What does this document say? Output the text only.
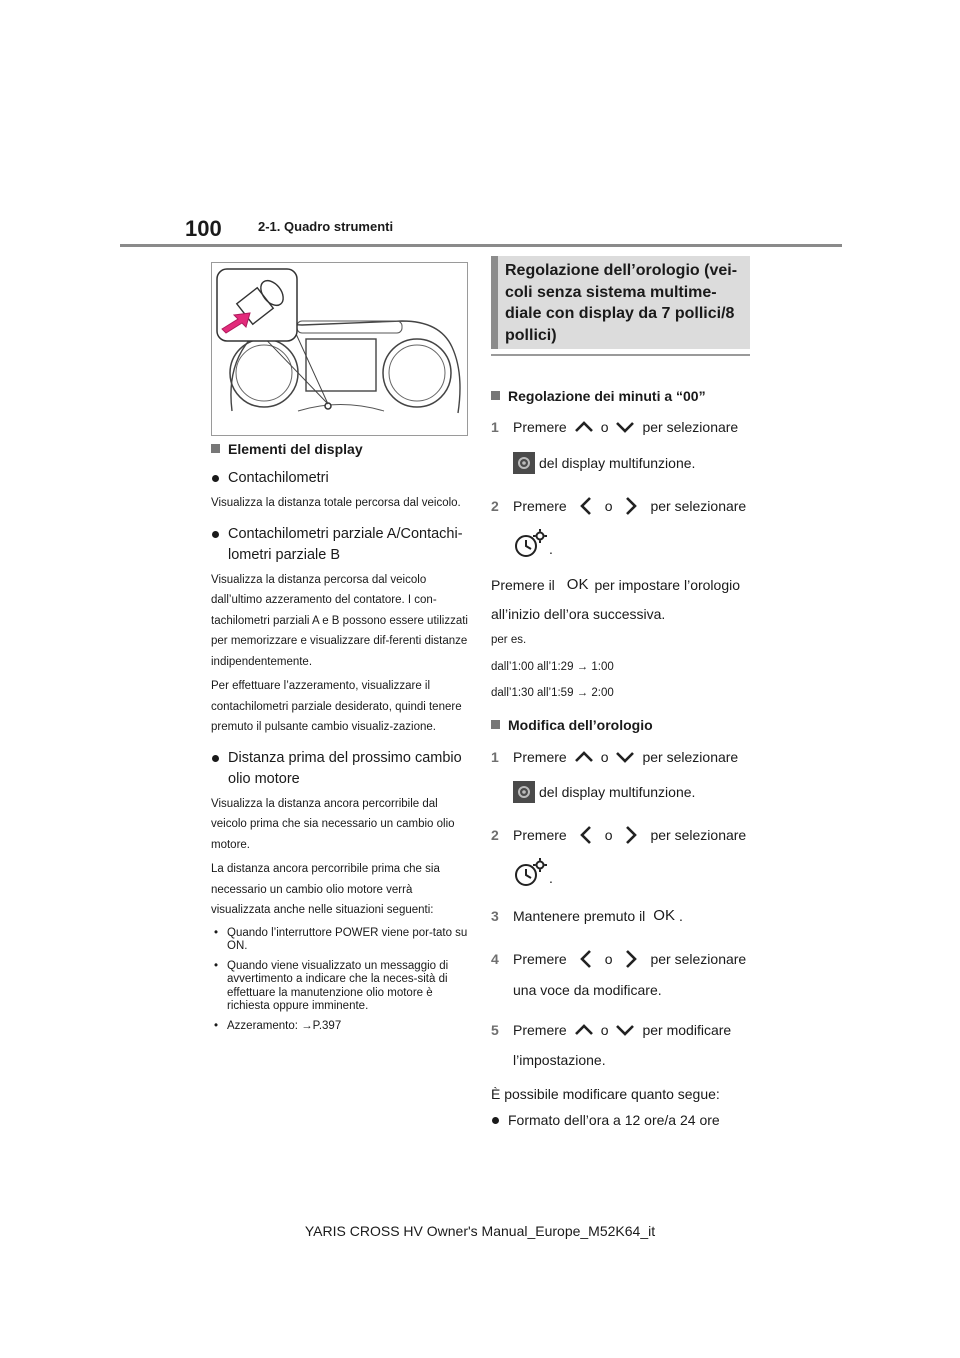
100	2-1. Quadro strumenti

Elementi del display

Contachilometri

Visualizza la distanza totale percorsa dal veicolo.

Contachilometri parziale A/Contachi-lometri parziale B

Visualizza la distanza percorsa dal veicolo dall’ultimo azzeramento del contatore. I con-tachilometri parziali A e B possono essere utilizzati per memorizzare e visualizzare dif-ferenti distanze indipendentemente.

Per effettuare l’azzeramento, visualizzare il contachilometri parziale desiderato, quindi tenere premuto il pulsante cambio visualiz-zazione.

Distanza prima del prossimo cambio olio motore

Visualizza la distanza ancora percorribile dal veicolo prima che sia necessario un cambio olio motore.

La distanza ancora percorribile prima che sia necessario un cambio olio motore verrà visualizzata anche nelle situazioni seguenti:

• Quando l’interruttore POWER viene por-tato su ON.
• Quando viene visualizzato un messaggio di avvertimento a indicare che la neces-sità di effettuare la manutenzione olio motore è richiesta oppure imminente.
• Azzeramento: →P.397
Regolazione dell’orologio (vei-coli senza sistema multime-diale con display da 7 pollici/8 pollici)

Regolazione dei minuti a “00”

1	Premere o per selezionare

del display multifunzione.

2	Premere	o	per selezionare

.

Premere il OK per impostare l’orologio

all’inizio dell’ora successiva.

per es.

dall’1:00 all’1:29 → 1:00

dall’1:30 all’1:59 → 2:00

Modifica dell’orologio

1	Premere o per selezionare

del display multifunzione.

2	Premere	o	per selezionare

.

3	Mantenere premuto il OK .

4	Premere	o	per selezionare

una voce da modificare.

5	Premere o per modificare

l’impostazione.

È possibile modificare quanto segue:

Formato dell’ora a 12 ore/a 24 ore

YARIS CROSS HV Owner's Manual_Europe_M52K64_it
